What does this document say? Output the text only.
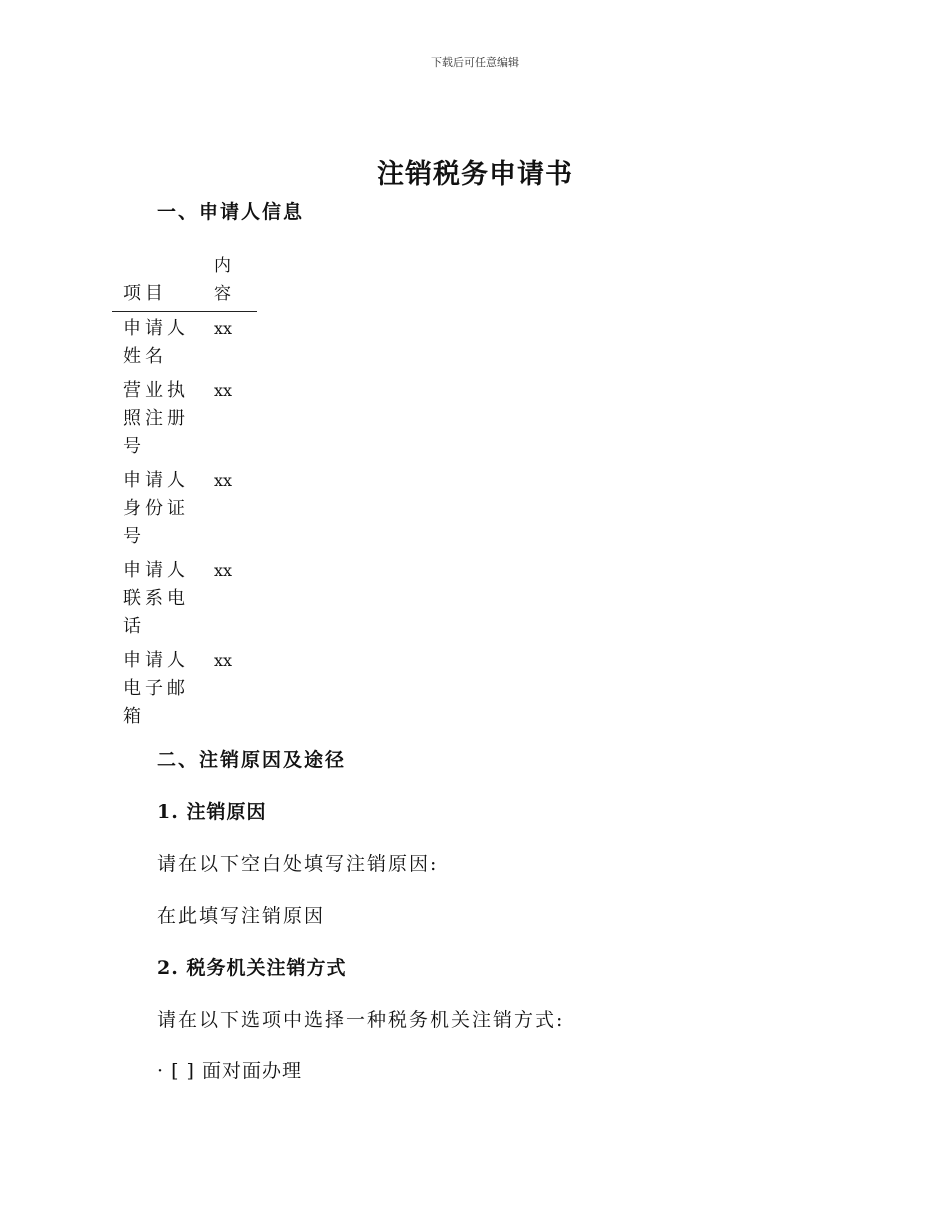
下载后可任意编辑
注销税务申请书
一、申请人信息
项目
内容
申请人姓名
xx
营业执照注册号
xx
申请人身份证号
xx
申请人联系电话
xx
申请人电子邮箱
xx
二、注销原因及途径
1. 注销原因
请在以下空白处填写注销原因:
在此填写注销原因
2. 税务机关注销方式
请在以下选项中选择一种税务机关注销方式:
· [ ] 面对面办理
